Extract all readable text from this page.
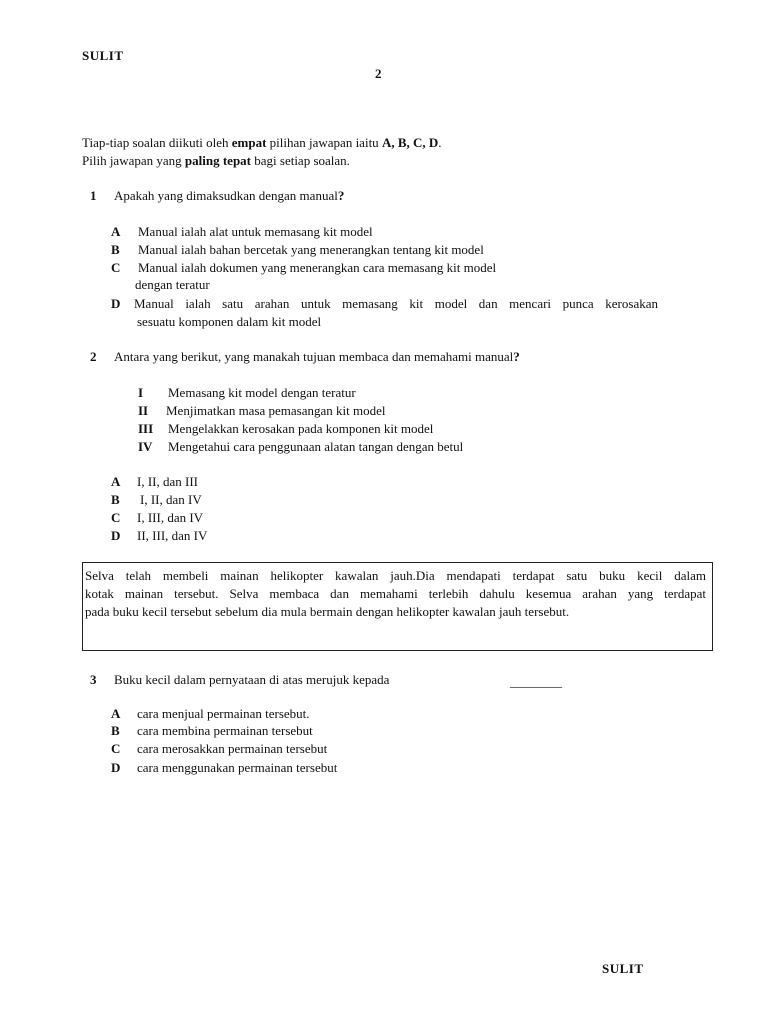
SULIT
2
Tiap-tiap soalan diikuti oleh empat pilihan jawapan iaitu A, B, C, D.
Pilih jawapan yang paling tepat bagi setiap soalan.
1 Apakah yang dimaksudkan dengan manual?
A Manual ialah alat untuk memasang kit model
B Manual ialah bahan bercetak yang menerangkan tentang kit model
C Manual ialah dokumen yang menerangkan cara memasang kit model
dengan teratur
D Manual ialah satu arahan untuk memasang kit model dan mencari punca kerosakan
sesuatu komponen dalam kit model
2 Antara yang berikut, yang manakah tujuan membaca dan memahami manual?
I Memasang kit model dengan teratur
II Menjimatkan masa pemasangan kit model
III Mengelakkan kerosakan pada komponen kit model
IV Mengetahui cara penggunaan alatan tangan dengan betul
A I, II, dan III
B I, II, dan IV
C I, III, dan IV
D II, III, dan IV
Selva telah membeli mainan helikopter kawalan jauh.Dia mendapati terdapat satu buku kecil dalam
kotak mainan tersebut. Selva membaca dan memahami terlebih dahulu kesemua arahan yang terdapat
pada buku kecil tersebut sebelum dia mula bermain dengan helikopter kawalan jauh tersebut.
3 Buku kecil dalam pernyataan di atas merujuk kepada	________
A cara menjual permainan tersebut.
B cara membina permainan tersebut
C cara merosakkan permainan tersebut
D cara menggunakan permainan tersebut
SULIT
